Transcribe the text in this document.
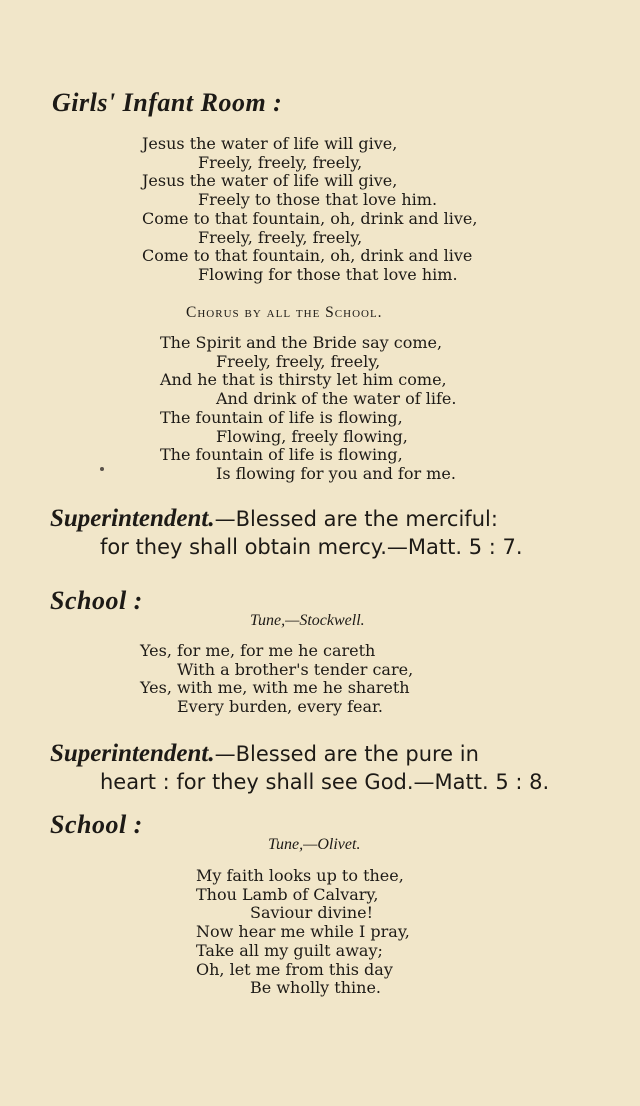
Girls' Infant Room :
Jesus the water of life will give,
Freely, freely, freely,
Jesus the water of life will give,
Freely to those that love him.
Come to that fountain, oh, drink and live,
Freely, freely, freely,
Come to that fountain, oh, drink and live
Flowing for those that love him.

Chorus by all the School.

The Spirit and the Bride say come,
Freely, freely, freely,
And he that is thirsty let him come,
And drink of the water of life.
The fountain of life is flowing,
Flowing, freely flowing,
The fountain of life is flowing,
Is flowing for you and for me.

Superintendent.—Blessed are the merciful:
for they shall obtain mercy.—Matt. 5 : 7.

School :

Tune,—Stockwell.

Yes, for me, for me he careth
With a brother's tender care,
Yes, with me, with me he shareth
Every burden, every fear.

Superintendent.—Blessed are the pure in
heart : for they shall see God.—Matt. 5 : 8.

School :

Tune,—Olivet.

My faith looks up to thee,
Thou Lamb of Calvary,
Saviour divine!
Now hear me while I pray,
Take all my guilt away;
Oh, let me from this day
Be wholly thine.
